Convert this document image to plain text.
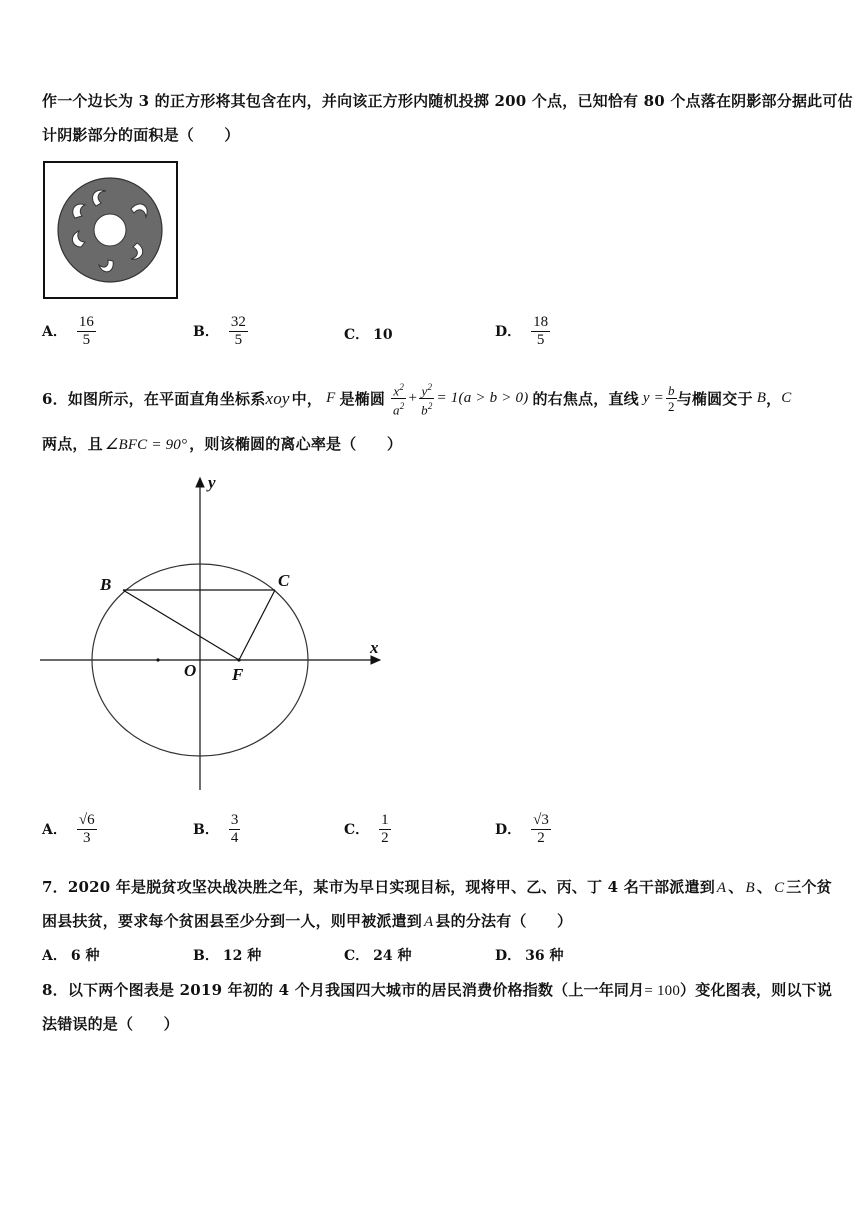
作一个边长为 3 的正方形将其包含在内，并向该正方形内随机投掷 200 个点，已知恰有 80 个点落在阴影部分据此可估
计阴影部分的面积是（　　）
A． $\frac{16}{5}$	B． $\frac{32}{5}$	C． 10	D． $\frac{18}{5}$
6．如图所示，在平面直角坐标系 xoy 中， F 是椭圆 $\frac{x^2}{a^2} + \frac{y^2}{b^2} = 1(a > b > 0)$ 的右焦点，直线 $y = \frac{b}{2}$ 与椭圆交于 B ， C
两点，且 ∠BFC = 90° ，则该椭圆的离心率是（　　）
y
x
B	C
O F
A． $\frac{√6}{3}$	B． $\frac{3}{4}$	C． $\frac{1}{2}$	D． $\frac{√3}{2}$
7．2020 年是脱贫攻坚决战决胜之年，某市为早日实现目标，现将甲、乙、丙、丁 4 名干部派遣到 A 、 B 、 C 三个贫
困县扶贫，要求每个贫困县至少分到一人，则甲被派遣到 A 县的分法有（　　）
A． 6 种	B． 12 种	C． 24 种	D． 36 种
8．以下两个图表是 2019 年初的 4 个月我国四大城市的居民消费价格指数（上一年同月= 100）变化图表，则以下说
法错误的是（　　）
